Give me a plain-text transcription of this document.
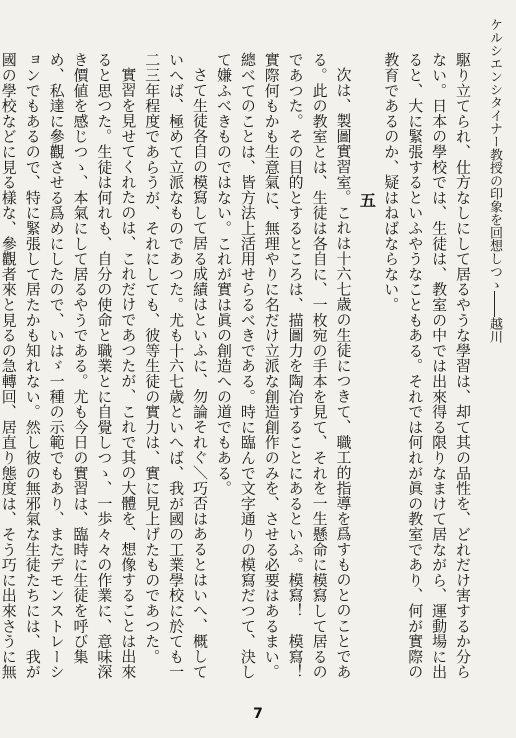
ケルシエンシタイナー教授の印象を回想しつゝ――越川

駆り立てられ、仕方なしにして居るやうな學習は、却て其の品性を、どれだけ害するか分らない。日本の學校では、生徒は、教室の中では出來得る限りなまけて居ながら、運動場に出ると、大に緊張するといふやうなこともある。それでは何れが眞の教室であり、何が實際の教育であるのか、疑はねばならない。

五

次は、製圖實習室。これは十六七歳の生徒につきて、職工的指導を爲すものとのことである。此の教室とは、生徒は各自に、一枚宛の手本を見て、それを一生懸命に模寫して居るのであつた。その目的とするところは、描圖力を陶冶することにあるといふ。模寫！　模寫！　實際何もかも生意氣に、無理やりに名だけ立派な創造創作のみを、させる必要はあるまい。總べてのことは、皆方法上活用せらるべきである。時に臨んで文字通りの模寫だつて、決して嫌ふべきものではない。これが實は眞の創造への道でもある。

さて生徒各自の模寫して居る成績はといふに、勿論それぐ＼巧否はあるとはいへ、概していへば、極めて立派なものであつた。尤も十六七歳といへば、我が國の工業學校に於ても一二三年程度であらうが、それにしても、彼等生徒の實力は、實に見上げたものであつた。

實習を見せてくれたのは、これだけであつたが、これで其の大體を、想像することは出來ると思つた。生徒は何れも、自分の使命と職業とに自覺しつゝ、一歩々々の作業に、意味深き價値を感じつゝ、本氣にして居るやうである。尤も今日の實習は、臨時に生徒を呼び集め、私達に參觀させる爲めにしたので、いはゞ一種の示範でもあり、またデモンストレーションでもあるので、特に緊張して居たかも知れない。然し彼の無邪氣な生徒たちには、我が國の學校などに見る樣な、參觀者來と見るの急轉回、居直り態度は、そう巧に出來さうに無

7
